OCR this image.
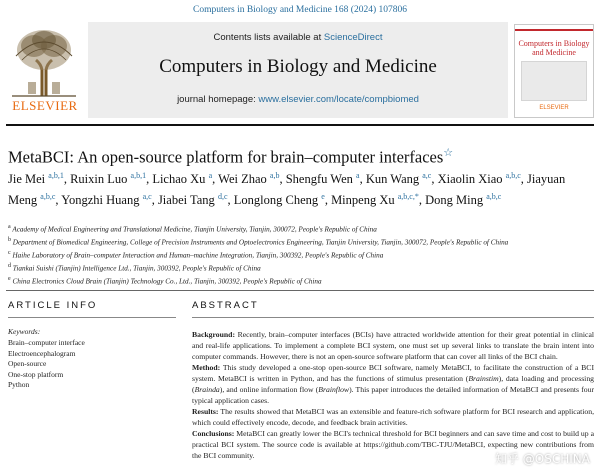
Computers in Biology and Medicine 168 (2024) 107806
ELSEVIER
Contents lists available at ScienceDirect
Computers in Biology and Medicine
journal homepage: www.elsevier.com/locate/compbiomed
Computers in Biology and Medicine
ELSEVIER
MetaBCI: An open-source platform for brain–computer interfaces☆
Jie Mei $^{a,b,1}$, Ruixin Luo $^{a,b,1}$, Lichao Xu $^a$, Wei Zhao $^{a,b}$, Shengfu Wen $^a$, Kun Wang $^{a,c}$, Xiaolin Xiao $^{a,b,c}$, Jiayuan Meng $^{a,b,c}$, Yongzhi Huang $^{a,c}$, Jiabei Tang $^{d,c}$, Longlong Cheng $^e$, Minpeng Xu $^{a,b,c,*}$, Dong Ming $^{a,b,c}$
$^a$ Academy of Medical Engineering and Translational Medicine, Tianjin University, Tianjin, 300072, People's Republic of China
$^b$ Department of Biomedical Engineering, College of Precision Instruments and Optoelectronics Engineering, Tianjin University, Tianjin, 300072, People's Republic of China
$^c$ Haihe Laboratory of Brain–computer Interaction and Human–machine Integration, Tianjin, 300392, People's Republic of China
$^d$ Tiankai Suishi (Tianjin) Intelligence Ltd., Tianjin, 300392, People's Republic of China
$^e$ China Electronics Cloud Brain (Tianjin) Technology Co., Ltd., Tianjin, 300392, People's Republic of China
ARTICLE INFO
Keywords:
Brain–computer interface
Electroencephalogram
Open-source
One-stop platform
Python
ABSTRACT
Background: Recently, brain–computer interfaces (BCIs) have attracted worldwide attention for their great potential in clinical and real-life applications. To implement a complete BCI system, one must set up several links to translate the brain intent into computer commands. However, there is not an open-source software platform that can cover all links of the BCI chain.
Method: This study developed a one-stop open-source BCI software, namely MetaBCI, to facilitate the construction of a BCI system. MetaBCI is written in Python, and has the functions of stimulus presentation (Brainstim), data loading and processing (Brainda), and online information flow (Brainflow). This paper introduces the detailed information of MetaBCI and presents four typical application cases.
Results: The results showed that MetaBCI was an extensible and feature-rich software platform for BCI research and application, which could effectively encode, decode, and feedback brain activities.
Conclusions: MetaBCI can greatly lower the BCI's technical threshold for BCI beginners and can save time and cost to build up a practical BCI system. The source code is available at https://github.com/TBC-TJU/MetaBCI, expecting new contributions from the BCI community.	知乎 @OSCHINA
